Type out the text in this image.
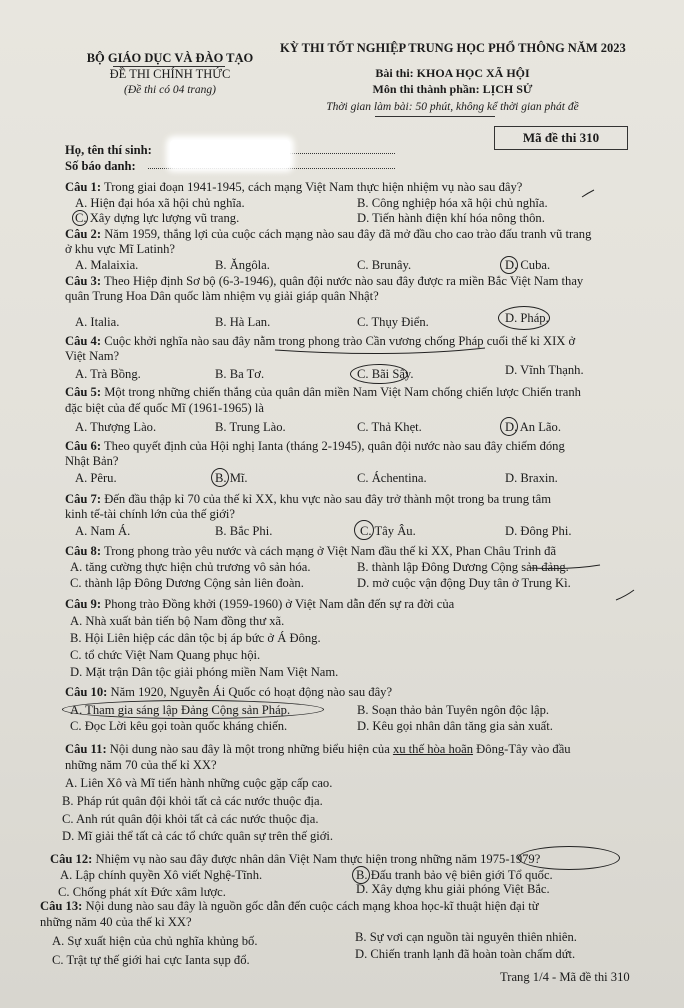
BỘ GIÁO DỤC VÀ ĐÀO TẠO
ĐỀ THI CHÍNH THỨC
(Đề thi có 04 trang)
KỲ THI TỐT NGHIỆP TRUNG HỌC PHỔ THÔNG NĂM 2023
Bài thi: KHOA HỌC XÃ HỘI
Môn thi thành phần: LỊCH SỬ
Thời gian làm bài: 50 phút, không kể thời gian phát đề
Họ, tên thí sinh:
Số báo danh:
Mã đề thi 310
Câu 1: Trong giai đoạn 1941-1945, cách mạng Việt Nam thực hiện nhiệm vụ nào sau đây?
A. Hiện đại hóa xã hội chủ nghĩa.	B. Công nghiệp hóa xã hội chủ nghĩa.
C. Xây dựng lực lượng vũ trang.	D. Tiến hành điện khí hóa nông thôn.
Câu 2: Năm 1959, thắng lợi của cuộc cách mạng nào sau đây đã mở đầu cho cao trào đấu tranh vũ trang
ở khu vực Mĩ Latinh?
A. Malaixia.	B. Ăngôla.	C. Brunây.	D. Cuba.
Câu 3: Theo Hiệp định Sơ bộ (6-3-1946), quân đội nước nào sau đây được ra miền Bắc Việt Nam thay
quân Trung Hoa Dân quốc làm nhiệm vụ giải giáp quân Nhật?
A. Italia.	B. Hà Lan.	C. Thụy Điển.	D. Pháp.
Câu 4: Cuộc khởi nghĩa nào sau đây nằm trong phong trào Cần vương chống Pháp cuối thế kỉ XIX ở
Việt Nam?
A. Trà Bồng.	B. Ba Tơ.	C. Bãi Sậy.	D. Vĩnh Thạnh.
Câu 5: Một trong những chiến thắng của quân dân miền Nam Việt Nam chống chiến lược Chiến tranh
đặc biệt của đế quốc Mĩ (1961-1965) là
A. Thượng Lào.	B. Trung Lào.	C. Thả Khẹt.	D. An Lão.
Câu 6: Theo quyết định của Hội nghị Ianta (tháng 2-1945), quân đội nước nào sau đây chiếm đóng
Nhật Bản?
A. Pêru.	B. Mĩ.	C. Áchentina.	D. Braxin.
Câu 7: Đến đầu thập kỉ 70 của thế kỉ XX, khu vực nào sau đây trở thành một trong ba trung tâm
kinh tế-tài chính lớn của thế giới?
A. Nam Á.	B. Bắc Phi.	C. Tây Âu.	D. Đông Phi.
Câu 8: Trong phong trào yêu nước và cách mạng ở Việt Nam đầu thế kỉ XX, Phan Châu Trinh đã
A. tăng cường thực hiện chủ trương vô sản hóa.	B. thành lập Đông Dương Cộng sản đảng.
C. thành lập Đông Dương Cộng sản liên đoàn.	D. mở cuộc vận động Duy tân ở Trung Kì.
Câu 9: Phong trào Đồng khởi (1959-1960) ở Việt Nam dẫn đến sự ra đời của
A. Nhà xuất bản tiến bộ Nam đồng thư xã.
B. Hội Liên hiệp các dân tộc bị áp bức ở Á Đông.
C. tổ chức Việt Nam Quang phục hội.
D. Mặt trận Dân tộc giải phóng miền Nam Việt Nam.
Câu 10: Năm 1920, Nguyễn Ái Quốc có hoạt động nào sau đây?
A. Tham gia sáng lập Đảng Cộng sản Pháp.	B. Soạn thảo bản Tuyên ngôn độc lập.
C. Đọc Lời kêu gọi toàn quốc kháng chiến.	D. Kêu gọi nhân dân tăng gia sản xuất.
Câu 11: Nội dung nào sau đây là một trong những biểu hiện của xu thế hòa hoãn Đông-Tây vào đầu
những năm 70 của thế kỉ XX?
A. Liên Xô và Mĩ tiến hành những cuộc gặp cấp cao.
B. Pháp rút quân đội khỏi tất cả các nước thuộc địa.
C. Anh rút quân đội khỏi tất cả các nước thuộc địa.
D. Mĩ giải thể tất cả các tổ chức quân sự trên thế giới.
Câu 12: Nhiệm vụ nào sau đây được nhân dân Việt Nam thực hiện trong những năm 1975-1979?
A. Lập chính quyền Xô viết Nghệ-Tĩnh.	B. Đấu tranh bảo vệ biên giới Tổ quốc.
C. Chống phát xít Đức xâm lược.	D. Xây dựng khu giải phóng Việt Bắc.
Câu 13: Nội dung nào sau đây là nguồn gốc dẫn đến cuộc cách mạng khoa học-kĩ thuật hiện đại từ
những năm 40 của thế kỉ XX?
A. Sự xuất hiện của chủ nghĩa khủng bố.	B. Sự vơi cạn nguồn tài nguyên thiên nhiên.
C. Trật tự thế giới hai cực Ianta sụp đổ.	D. Chiến tranh lạnh đã hoàn toàn chấm dứt.
Trang 1/4 - Mã đề thi 310
